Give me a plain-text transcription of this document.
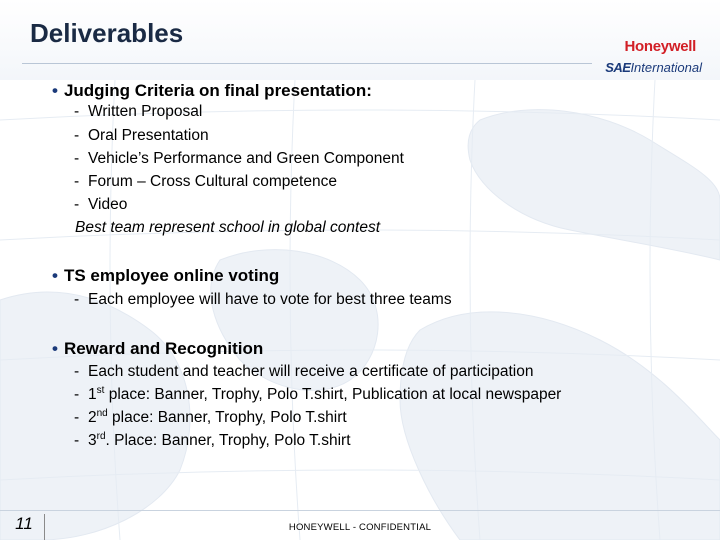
Deliverables	Honeywell
SAEInternational
• Judging Criteria on final presentation:
- Written Proposal
- Oral Presentation
- Vehicle’s Performance and Green Component
- Forum – Cross Cultural competence
- Video
Best team represent school in global contest
• TS employee online voting
- Each employee will have to vote for best three teams
• Reward and Recognition
- Each student and teacher will receive a certificate of participation
- 1st place: Banner, Trophy, Polo T.shirt, Publication at local newspaper
- 2nd place: Banner, Trophy, Polo T.shirt
- 3rd. Place: Banner, Trophy, Polo T.shirt
11	HONEYWELL - CONFIDENTIAL
